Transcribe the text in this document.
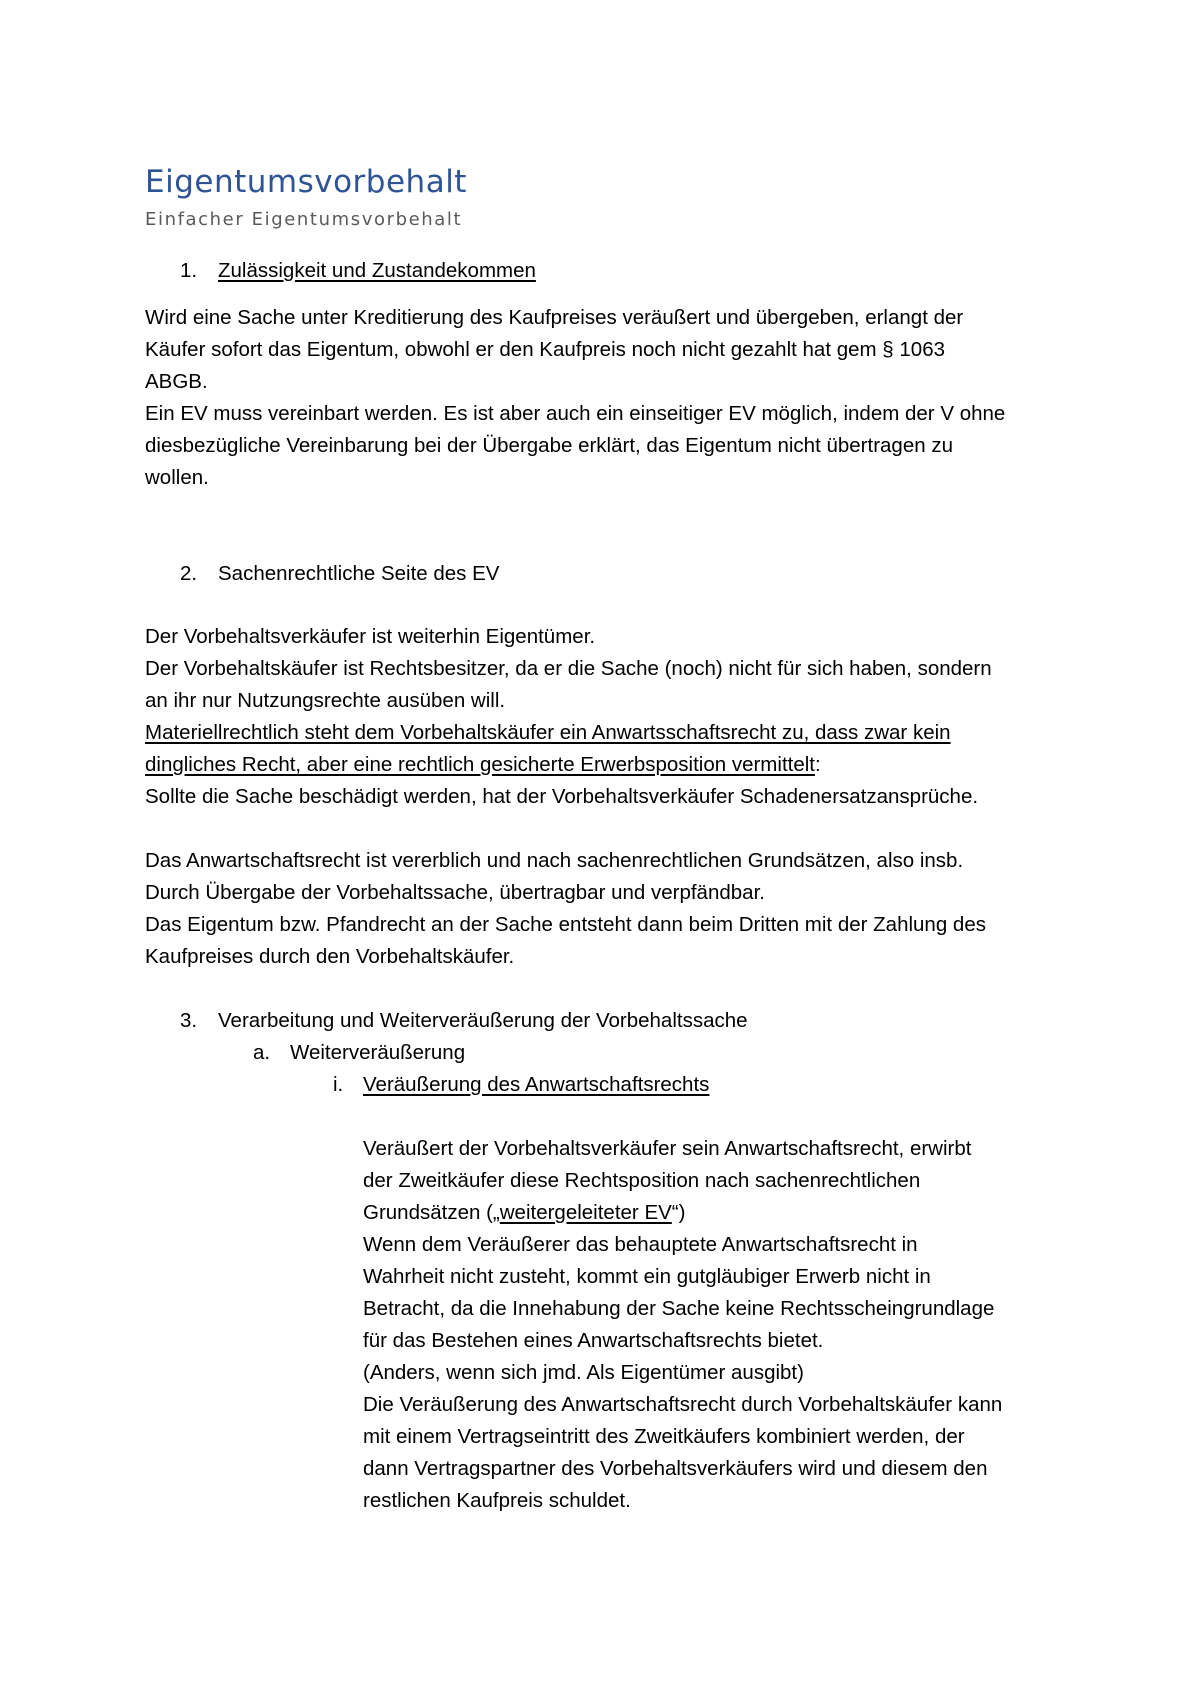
Eigentumsvorbehalt
Einfacher Eigentumsvorbehalt
1. Zulässigkeit und Zustandekommen
Wird eine Sache unter Kreditierung des Kaufpreises veräußert und übergeben, erlangt der
Käufer sofort das Eigentum, obwohl er den Kaufpreis noch nicht gezahlt hat gem § 1063
ABGB.
Ein EV muss vereinbart werden. Es ist aber auch ein einseitiger EV möglich, indem der V ohne
diesbezügliche Vereinbarung bei der Übergabe erklärt, das Eigentum nicht übertragen zu
wollen.
2. Sachenrechtliche Seite des EV
Der Vorbehaltsverkäufer ist weiterhin Eigentümer.
Der Vorbehaltskäufer ist Rechtsbesitzer, da er die Sache (noch) nicht für sich haben, sondern
an ihr nur Nutzungsrechte ausüben will.
Materiellrechtlich steht dem Vorbehaltskäufer ein Anwartsschaftsrecht zu, dass zwar kein
dingliches Recht, aber eine rechtlich gesicherte Erwerbsposition vermittelt:
Sollte die Sache beschädigt werden, hat der Vorbehaltsverkäufer Schadenersatzansprüche.
Das Anwartschaftsrecht ist vererblich und nach sachenrechtlichen Grundsätzen, also insb.
Durch Übergabe der Vorbehaltssache, übertragbar und verpfändbar.
Das Eigentum bzw. Pfandrecht an der Sache entsteht dann beim Dritten mit der Zahlung des
Kaufpreises durch den Vorbehaltskäufer.
3. Verarbeitung und Weiterveräußerung der Vorbehaltssache
a. Weiterveräußerung
i. Veräußerung des Anwartschaftsrechts
Veräußert der Vorbehaltsverkäufer sein Anwartschaftsrecht, erwirbt
der Zweitkäufer diese Rechtsposition nach sachenrechtlichen
Grundsätzen („weitergeleiteter EV“)
Wenn dem Veräußerer das behauptete Anwartschaftsrecht in
Wahrheit nicht zusteht, kommt ein gutgläubiger Erwerb nicht in
Betracht, da die Innehabung der Sache keine Rechtsscheingrundlage
für das Bestehen eines Anwartschaftsrechts bietet.
(Anders, wenn sich jmd. Als Eigentümer ausgibt)
Die Veräußerung des Anwartschaftsrecht durch Vorbehaltskäufer kann
mit einem Vertragseintritt des Zweitkäufers kombiniert werden, der
dann Vertragspartner des Vorbehaltsverkäufers wird und diesem den
restlichen Kaufpreis schuldet.
